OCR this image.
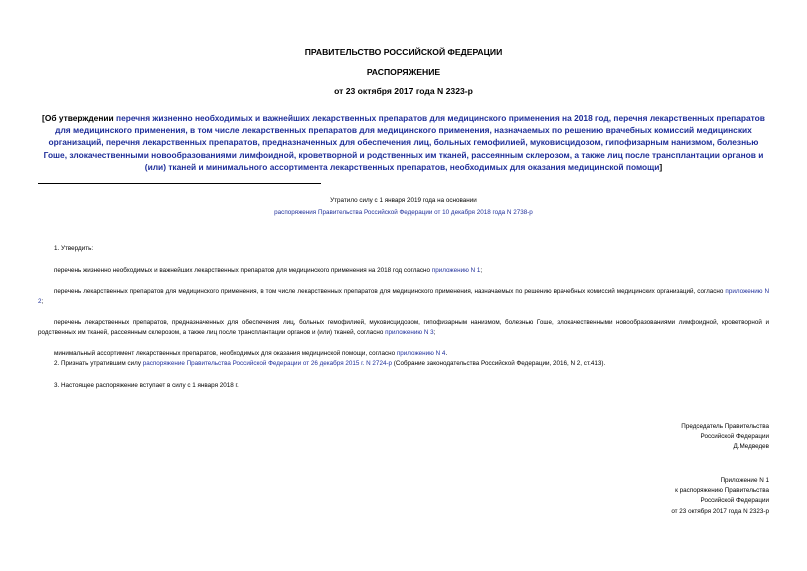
ПРАВИТЕЛЬСТВО РОССИЙСКОЙ ФЕДЕРАЦИИ
РАСПОРЯЖЕНИЕ
от 23 октября 2017 года N 2323-р
[Об утверждении перечня жизненно необходимых и важнейших лекарственных препаратов для медицинского применения на 2018 год, перечня лекарственных препаратов для медицинского применения, в том числе лекарственных препаратов для медицинского применения, назначаемых по решению врачебных комиссий медицинских организаций, перечня лекарственных препаратов, предназначенных для обеспечения лиц, больных гемофилией, муковисцидозом, гипофизарным нанизмом, болезнью Гоше, злокачественными новообразованиями лимфоидной, кроветворной и родственных им тканей, рассеянным склерозом, а также лиц после трансплантации органов и (или) тканей и минимального ассортимента лекарственных препаратов, необходимых для оказания медицинской помощи]
Утратило силу с 1 января 2019 года на основании
распоряжения Правительства Российской Федерации от 10 декабря 2018 года N 2738-р
1. Утвердить:
перечень жизненно необходимых и важнейших лекарственных препаратов для медицинского применения на 2018 год согласно приложению N 1;
перечень лекарственных препаратов для медицинского применения, в том числе лекарственных препаратов для медицинского применения, назначаемых по решению врачебных комиссий медицинских организаций, согласно приложению N 2;
перечень лекарственных препаратов, предназначенных для обеспечения лиц, больных гемофилией, муковисцидозом, гипофизарным нанизмом, болезнью Гоше, злокачественными новообразованиями лимфоидной, кроветворной и родственных им тканей, рассеянным склерозом, а также лиц после трансплантации органов и (или) тканей, согласно приложению N 3;
минимальный ассортимент лекарственных препаратов, необходимых для оказания медицинской помощи, согласно приложению N 4.
2. Признать утратившим силу распоряжение Правительства Российской Федерации от 26 декабря 2015 г. N 2724-р (Собрание законодательства Российской Федерации, 2016, N 2, ст.413).
3. Настоящее распоряжение вступает в силу с 1 января 2018 г.
Председатель Правительства
Российской Федерации
Д.Медведев
Приложение N 1
к распоряжению Правительства
Российской Федерации
от 23 октября 2017 года N 2323-р
